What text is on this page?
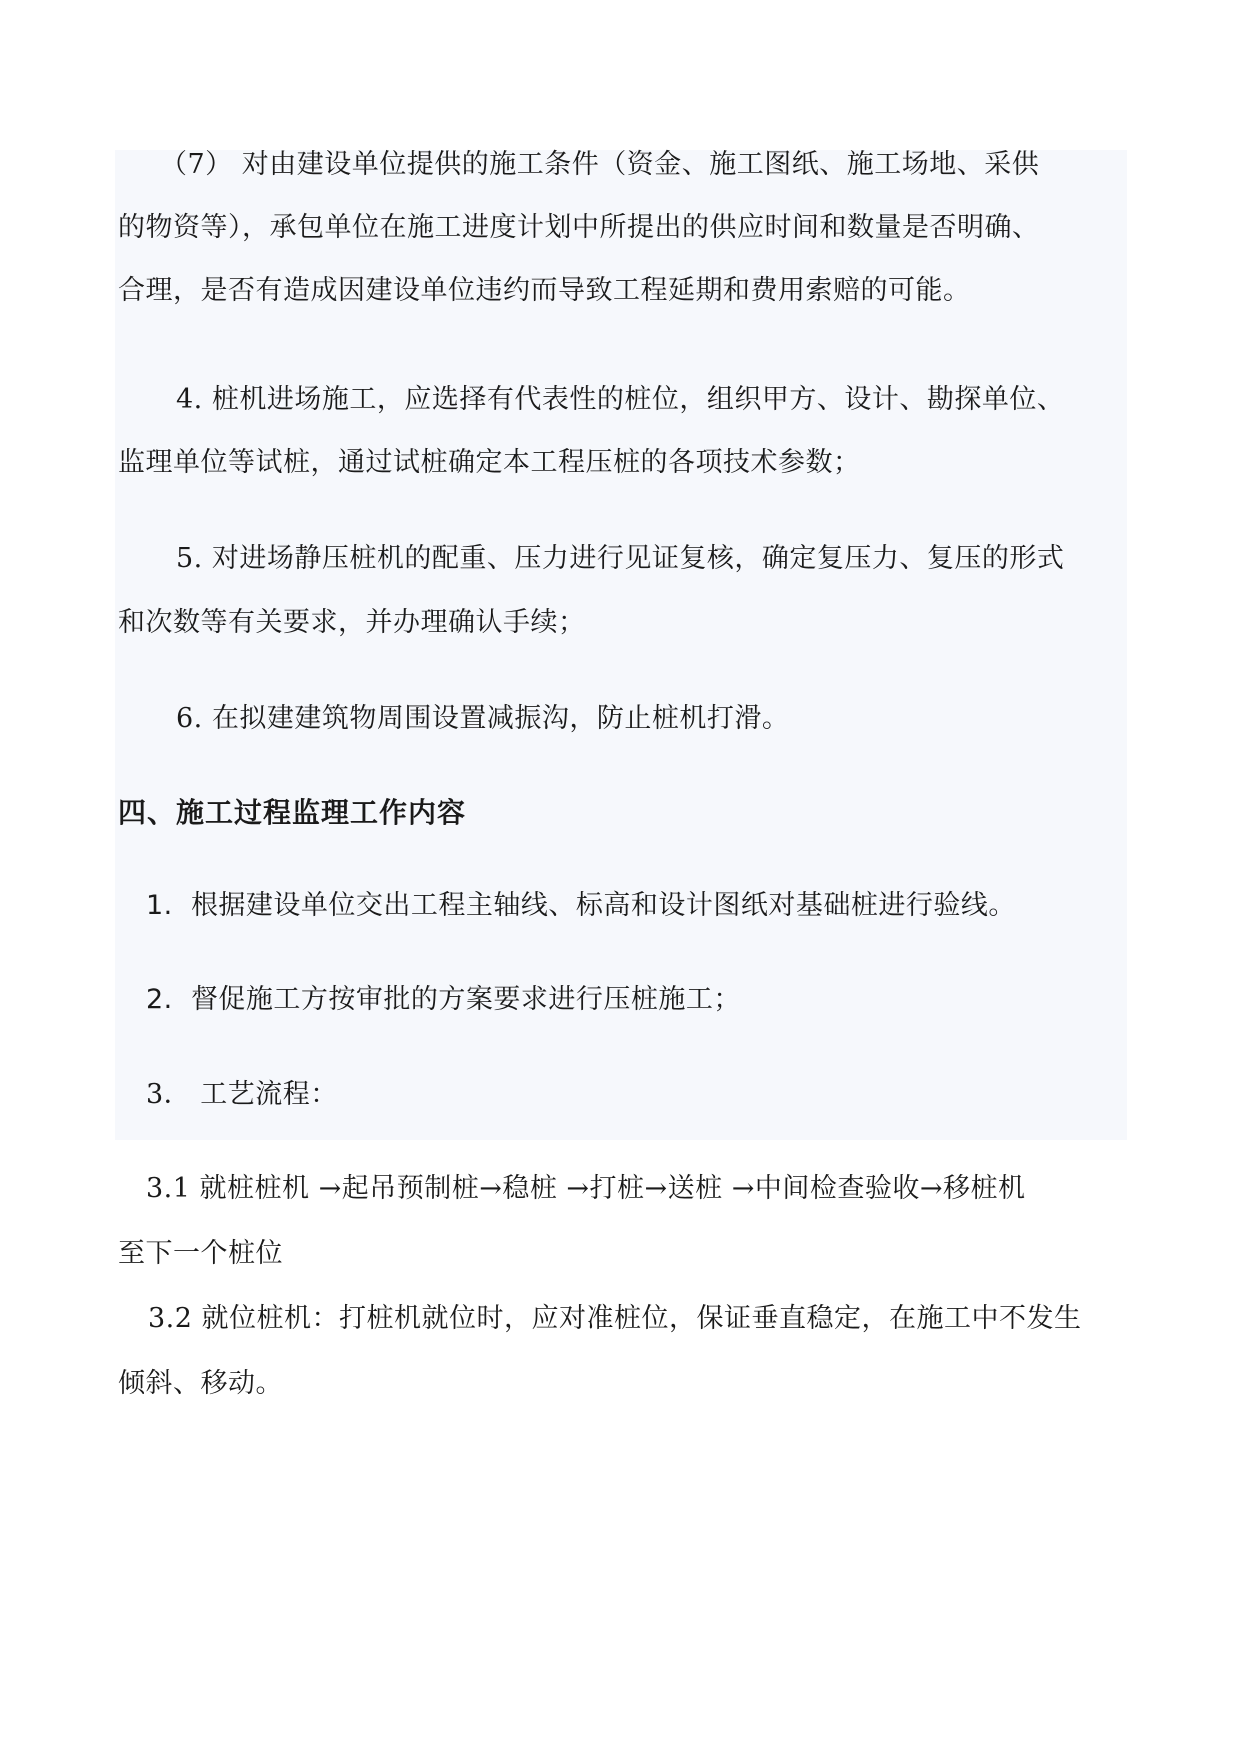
（7） 对由建设单位提供的施工条件（资金、施工图纸、施工场地、采供
的物资等），承包单位在施工进度计划中所提出的供应时间和数量是否明确、
合理，是否有造成因建设单位违约而导致工程延期和费用索赔的可能。
4. 桩机进场施工，应选择有代表性的桩位，组织甲方、设计、勘探单位、
监理单位等试桩，通过试桩确定本工程压桩的各项技术参数；
5. 对进场静压桩机的配重、压力进行见证复核，确定复压力、复压的形式
和次数等有关要求，并办理确认手续；
6. 在拟建建筑物周围设置减振沟，防止桩机打滑。
四、施工过程监理工作内容
1. 根据建设单位交出工程主轴线、标高和设计图纸对基础桩进行验线。
2. 督促施工方按审批的方案要求进行压桩施工；
3． 工艺流程：
3.1 就桩桩机 →起吊预制桩→稳桩 →打桩→送桩 →中间检查验收→移桩机
至下一个桩位
3.2 就位桩机：打桩机就位时，应对准桩位，保证垂直稳定，在施工中不发生
倾斜、移动。
